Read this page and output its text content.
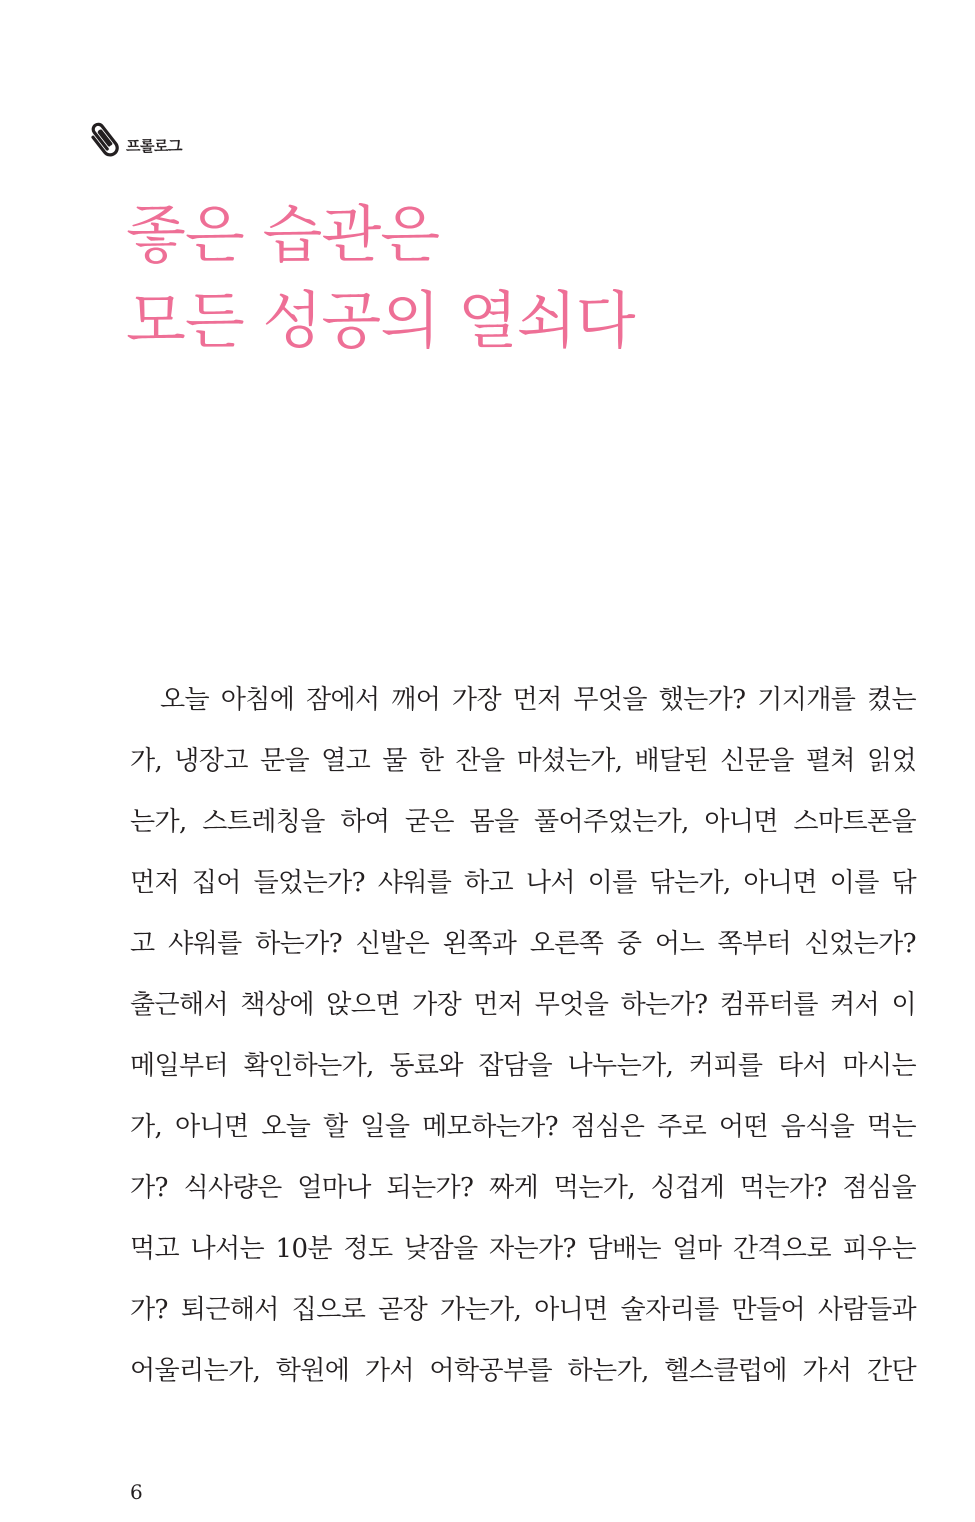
프롤로그
좋은 습관은
모든 성공의 열쇠다
오늘 아침에 잠에서 깨어 가장 먼저 무엇을 했는가? 기지개를 켰는
가, 냉장고 문을 열고 물 한 잔을 마셨는가, 배달된 신문을 펼쳐 읽었
는가, 스트레칭을 하여 굳은 몸을 풀어주었는가, 아니면 스마트폰을
먼저 집어 들었는가? 샤워를 하고 나서 이를 닦는가, 아니면 이를 닦
고 샤워를 하는가? 신발은 왼쪽과 오른쪽 중 어느 쪽부터 신었는가?
출근해서 책상에 앉으면 가장 먼저 무엇을 하는가? 컴퓨터를 켜서 이
메일부터 확인하는가, 동료와 잡담을 나누는가, 커피를 타서 마시는
가, 아니면 오늘 할 일을 메모하는가? 점심은 주로 어떤 음식을 먹는
가? 식사량은 얼마나 되는가? 짜게 먹는가, 싱겁게 먹는가? 점심을
먹고 나서는 10분 정도 낮잠을 자는가? 담배는 얼마 간격으로 피우는
가? 퇴근해서 집으로 곧장 가는가, 아니면 술자리를 만들어 사람들과
어울리는가, 학원에 가서 어학공부를 하는가, 헬스클럽에 가서 간단
6
